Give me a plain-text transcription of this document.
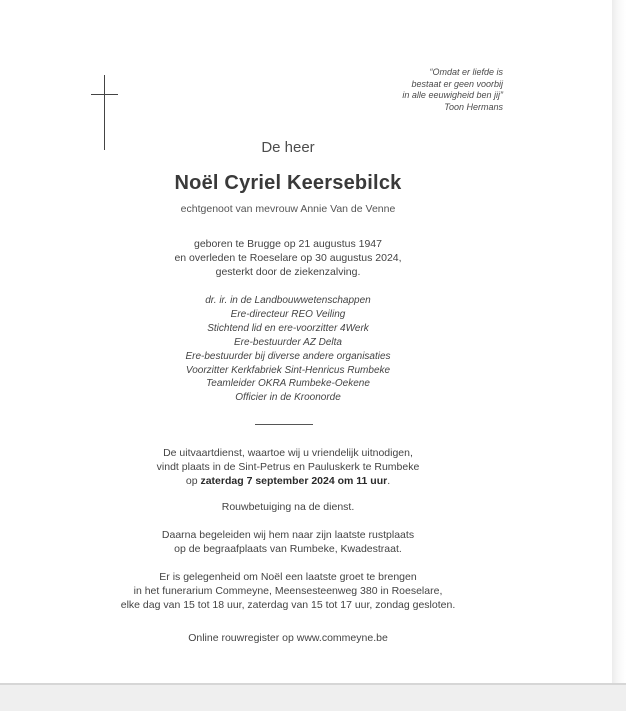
“Omdat er liefde is
bestaat er geen voorbij
in alle eeuwigheid ben jij”
Toon Hermans
De heer
Noël Cyriel Keersebilck
echtgenoot van mevrouw Annie Van de Venne
geboren te Brugge op 21 augustus 1947
en overleden te Roeselare op 30 augustus 2024,
gesterkt door de ziekenzalving.
dr. ir. in de Landbouwwetenschappen
Ere-directeur REO Veiling
Stichtend lid en ere-voorzitter 4Werk
Ere-bestuurder AZ Delta
Ere-bestuurder bij diverse andere organisaties
Voorzitter Kerkfabriek Sint-Henricus Rumbeke
Teamleider OKRA Rumbeke-Oekene
Officier in de Kroonorde
De uitvaartdienst, waartoe wij u vriendelijk uitnodigen,
vindt plaats in de Sint-Petrus en Pauluskerk te Rumbeke
op zaterdag 7 september 2024 om 11 uur.
Rouwbetuiging na de dienst.
Daarna begeleiden wij hem naar zijn laatste rustplaats
op de begraafplaats van Rumbeke, Kwadestraat.
Er is gelegenheid om Noël een laatste groet te brengen
in het funerarium Commeyne, Meensesteenweg 380 in Roeselare,
elke dag van 15 tot 18 uur, zaterdag van 15 tot 17 uur, zondag gesloten.
Online rouwregister op www.commeyne.be
